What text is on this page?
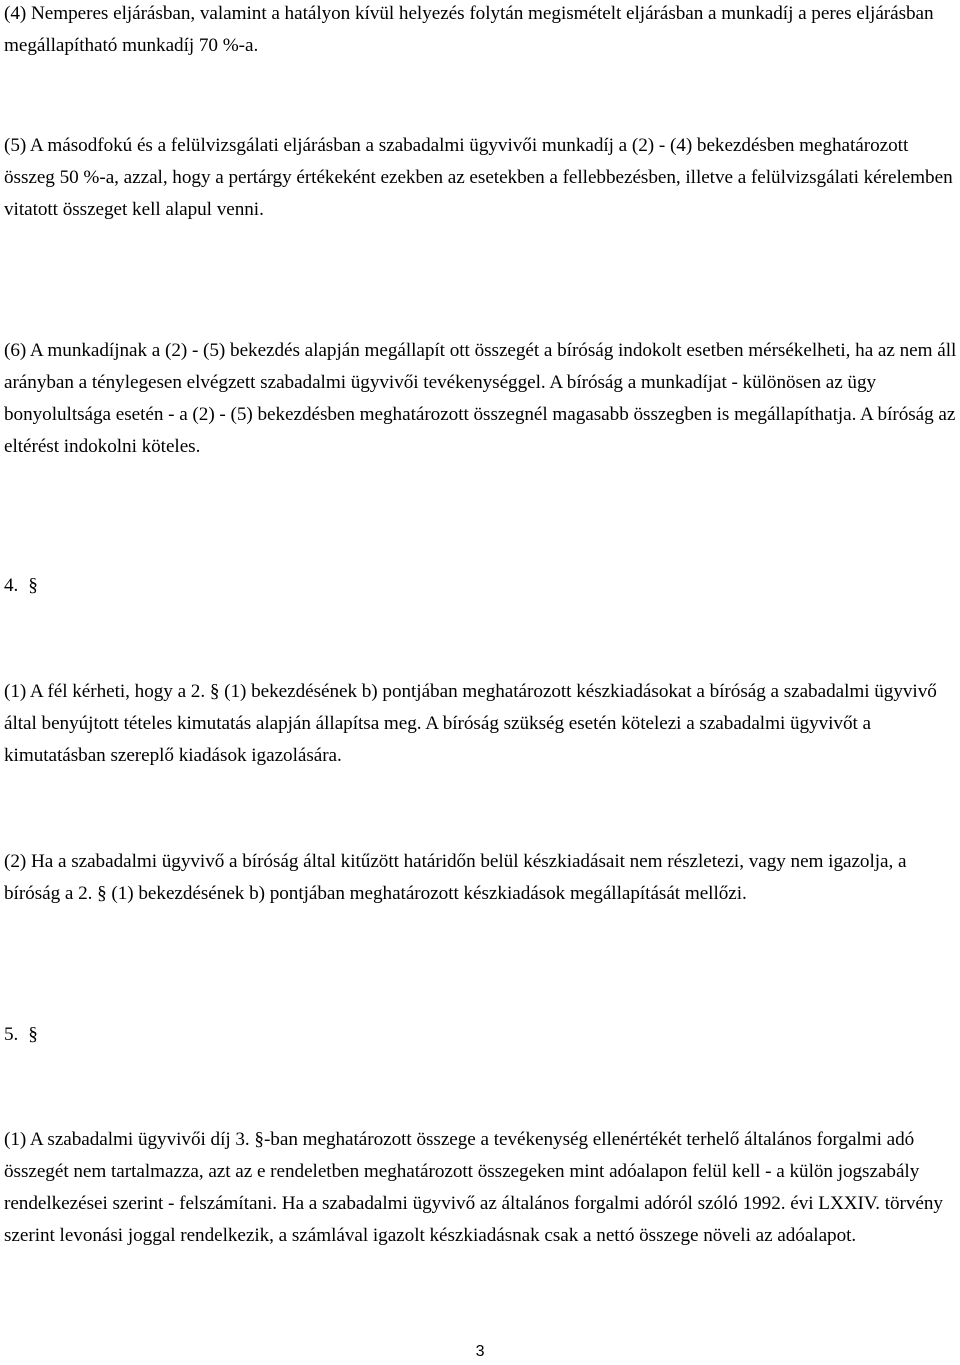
(4) Nemperes eljárásban, valamint a hatályon kívül helyezés folytán megismételt eljárásban a munkadíj a peres eljárásban megállapítható munkadíj 70 %-a.

(5) A másodfokú és a felülvizsgálati eljárásban a szabadalmi ügyvivői munkadíj a (2) - (4) bekezdésben meghatározott összeg 50 %-a, azzal, hogy a pertárgy értékeként ezekben az esetekben a fellebbezésben, illetve a felülvizsgálati kérelemben vitatott összeget kell alapul venni.

(6) A munkadíjnak a (2) - (5) bekezdés alapján megállapít ott összegét a bíróság indokolt esetben mérsékelheti, ha az nem áll arányban a ténylegesen elvégzett szabadalmi ügyvivői tevékenységgel. A bíróság a munkadíjat - különösen az ügy bonyolultsága esetén - a (2) - (5) bekezdésben meghatározott összegnél magasabb összegben is megállapíthatja. A bíróság az eltérést indokolni köteles.

4. §

(1) A fél kérheti, hogy a 2. § (1) bekezdésének b) pontjában meghatározott készkiadásokat a bíróság a szabadalmi ügyvivő által benyújtott tételes kimutatás alapján állapítsa meg. A bíróság szükség esetén kötelezi a szabadalmi ügyvivőt a kimutatásban szereplő kiadások igazolására.

(2) Ha a szabadalmi ügyvivő a bíróság által kitűzött határidőn belül készkiadásait nem részletezi, vagy nem igazolja, a bíróság a 2. § (1) bekezdésének b) pontjában meghatározott készkiadások megállapítását mellőzi.

5. §

(1) A szabadalmi ügyvivői díj 3. §-ban meghatározott összege a tevékenység ellenértékét terhelő általános forgalmi adó összegét nem tartalmazza, azt az e rendeletben meghatározott összegeken mint adóalapon felül kell - a külön jogszabály rendelkezései szerint - felszámítani. Ha a szabadalmi ügyvivő az általános forgalmi adóról szóló 1992. évi LXXIV. törvény szerint levonási joggal rendelkezik, a számlával igazolt készkiadásnak csak a nettó összege növeli az adóalapot.

3
